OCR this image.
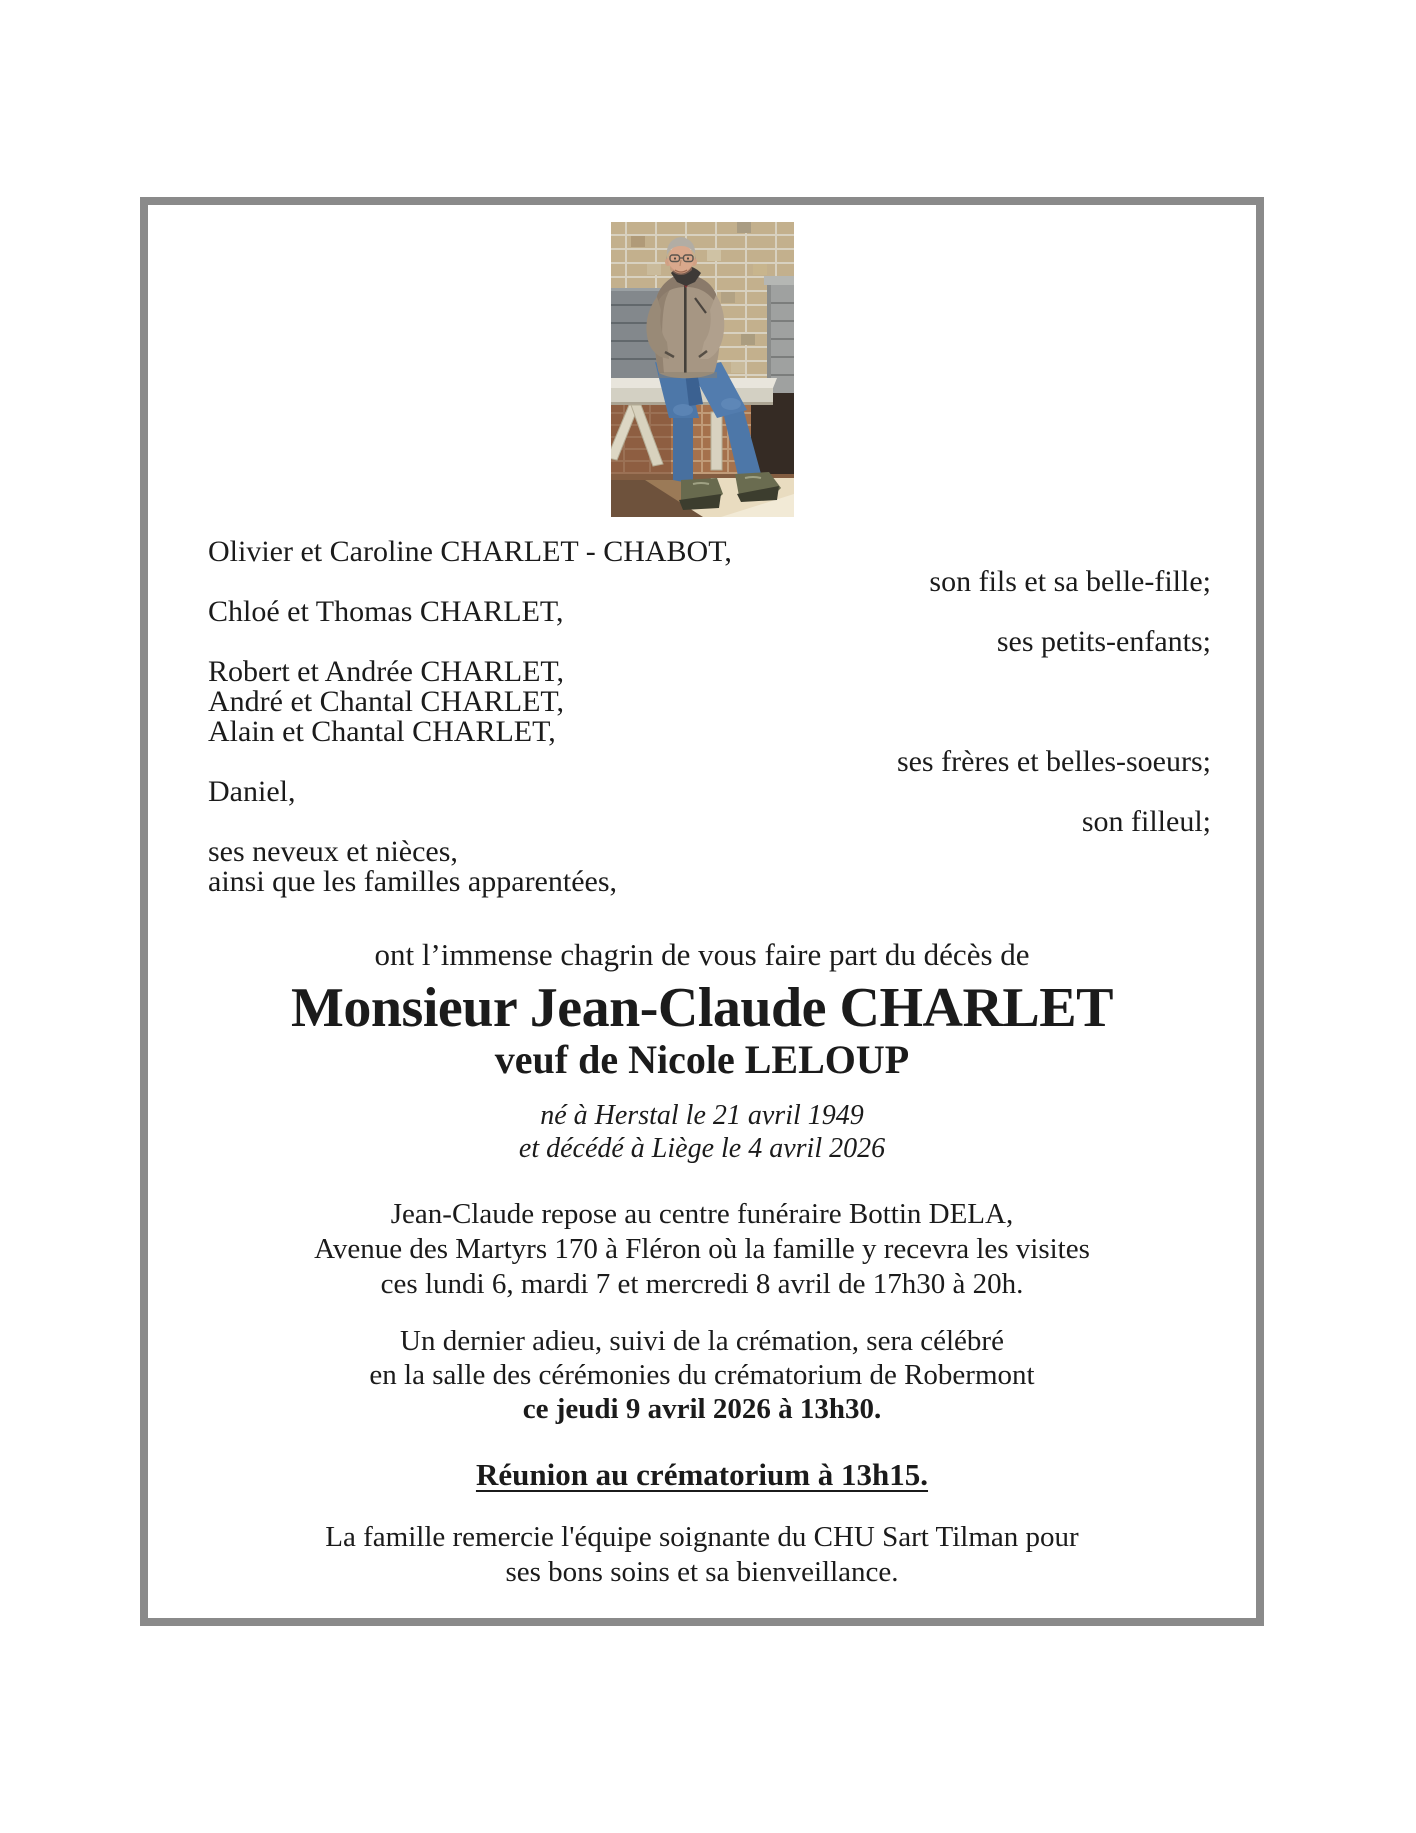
Olivier et Caroline CHARLET - CHABOT,
son fils et sa belle-fille;
Chloé et Thomas CHARLET,
ses petits-enfants;
Robert et Andrée CHARLET,
André et Chantal CHARLET,
Alain et Chantal CHARLET,
ses frères et belles-soeurs;
Daniel,
son filleul;
ses neveux et nièces,
ainsi que les familles apparentées,
ont l’immense chagrin de vous faire part du décès de
Monsieur Jean-Claude CHARLET
veuf de Nicole LELOUP
né à Herstal le 21 avril 1949
et décédé à Liège le 4 avril 2026
Jean-Claude repose au centre funéraire Bottin DELA,
Avenue des Martyrs 170 à Fléron où la famille y recevra les visites
ces lundi 6, mardi 7 et mercredi 8 avril de 17h30 à 20h.
Un dernier adieu, suivi de la crémation, sera célébré
en la salle des cérémonies du crématorium de Robermont
ce jeudi 9 avril 2026 à 13h30.
Réunion au crématorium à 13h15.
La famille remercie l'équipe soignante du CHU Sart Tilman pour
ses bons soins et sa bienveillance.
